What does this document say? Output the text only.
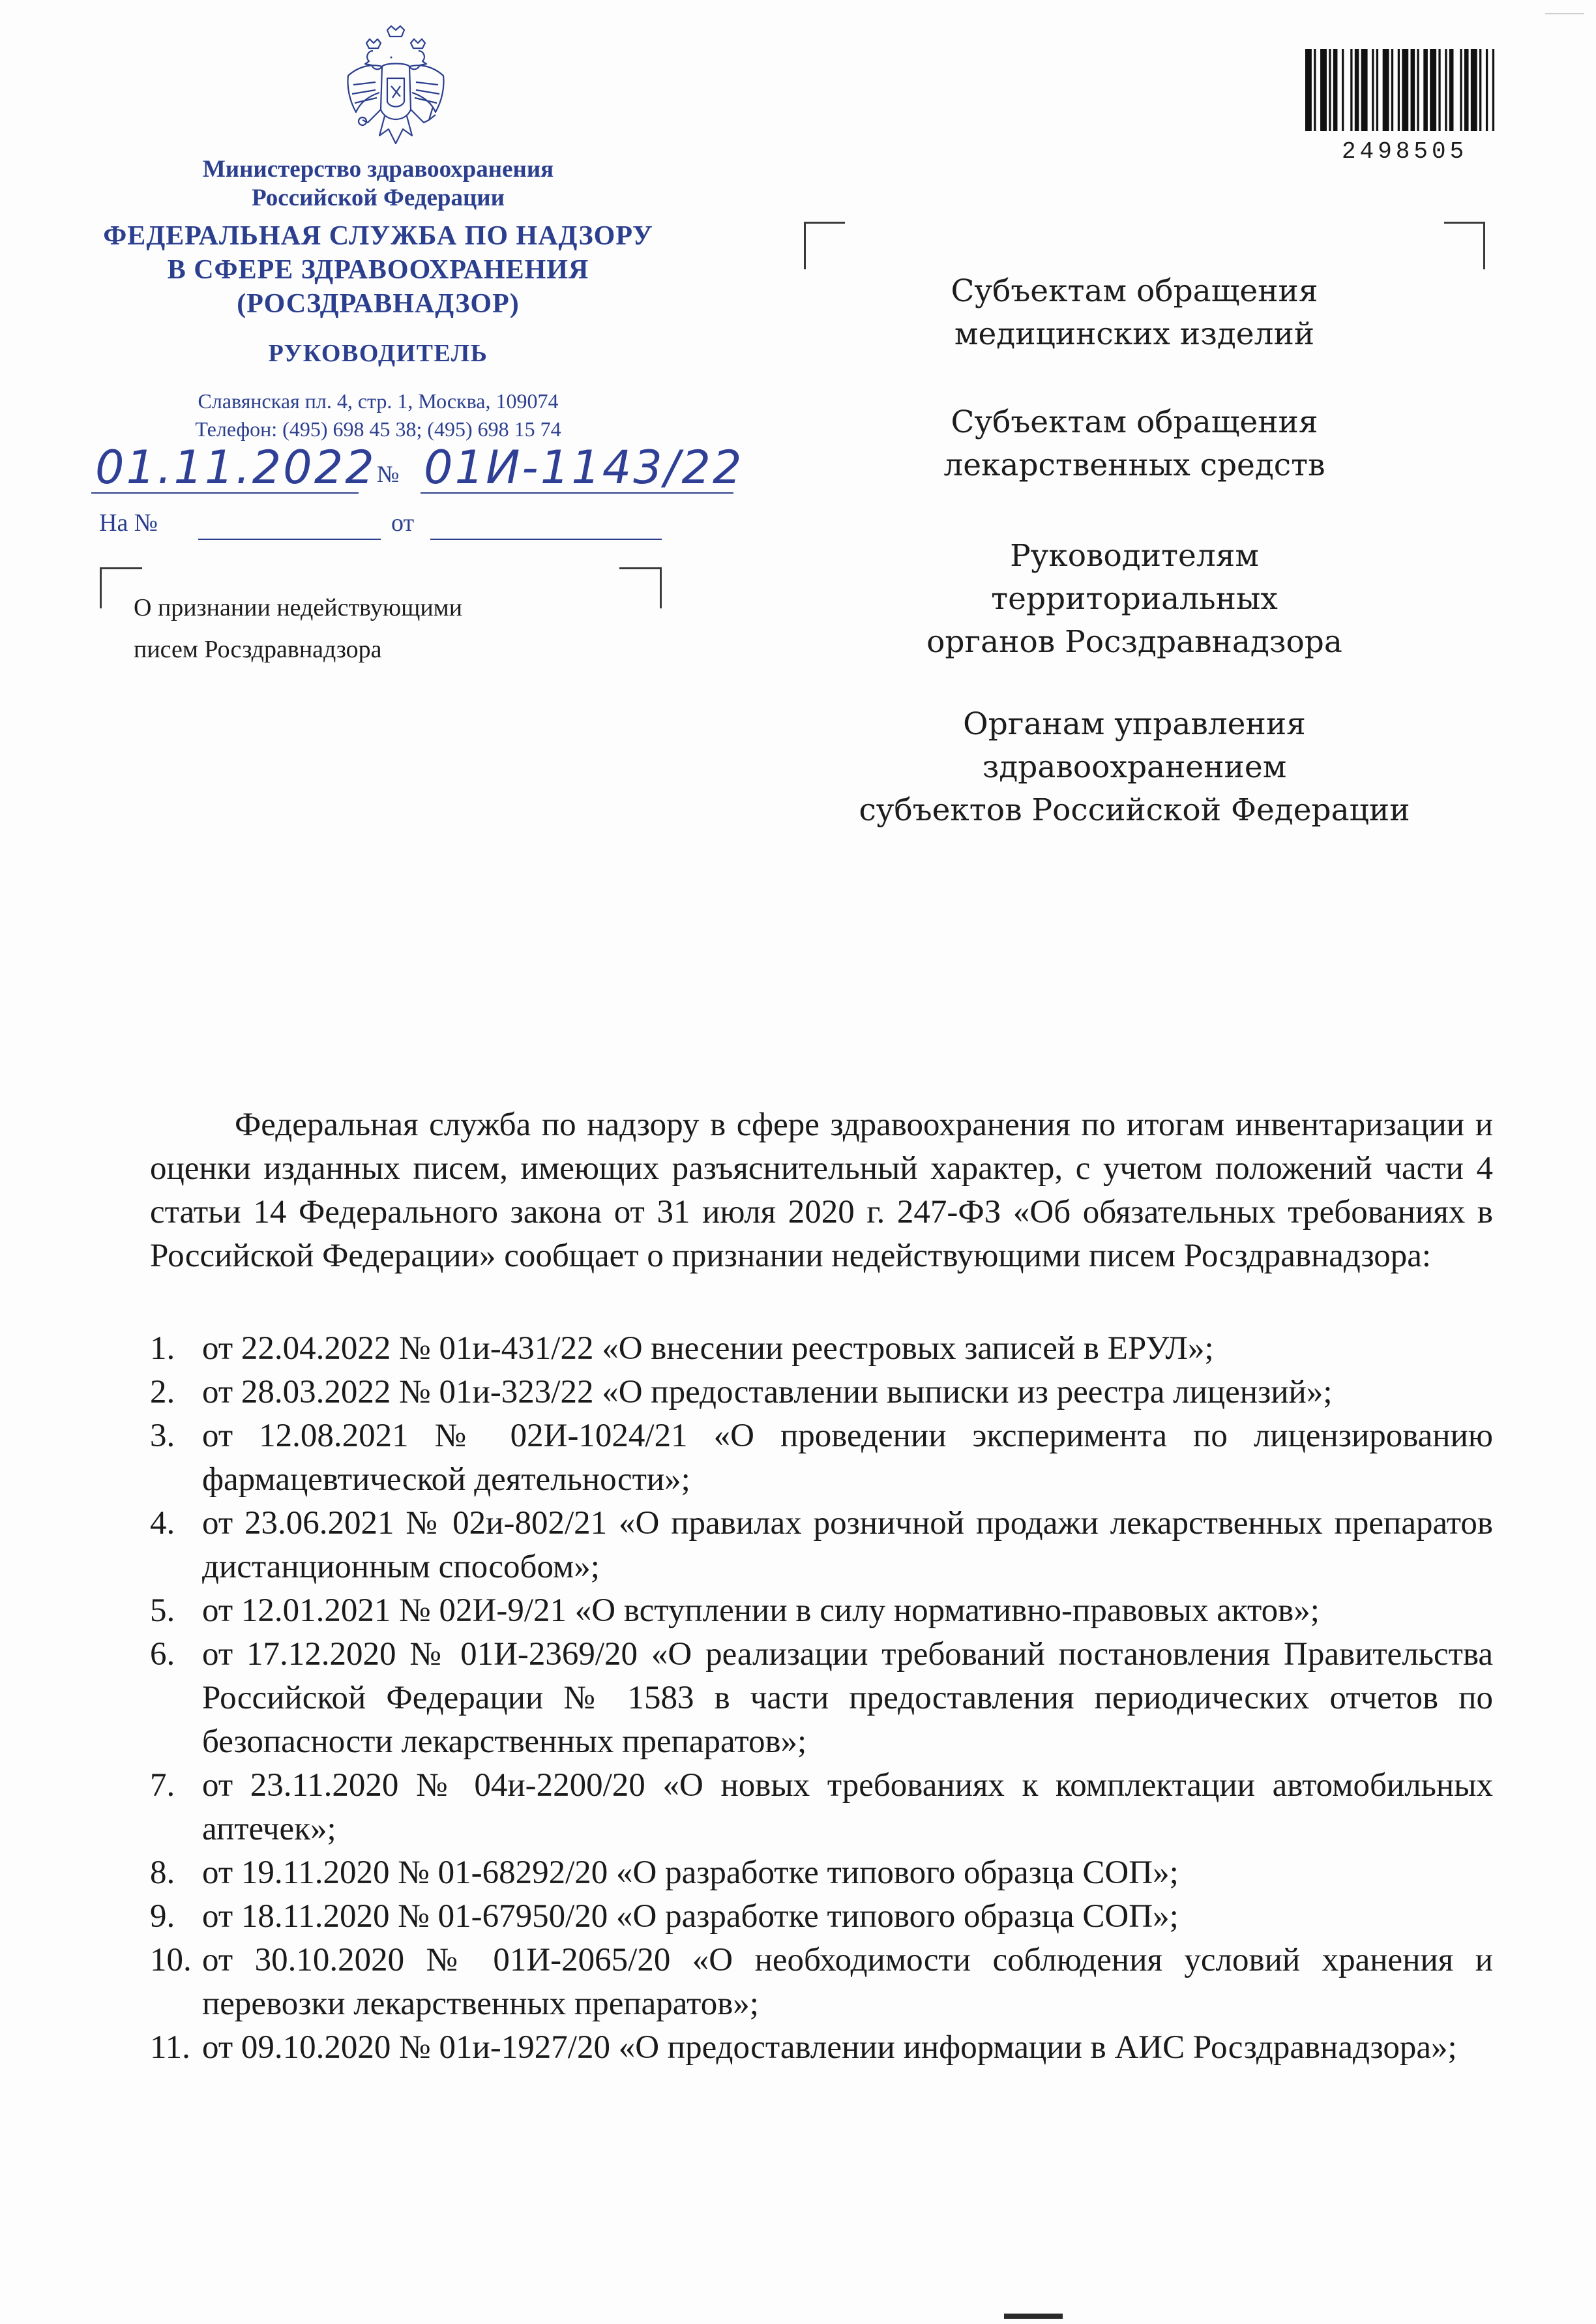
Министерство здравоохранения
Российской Федерации
ФЕДЕРАЛЬНАЯ СЛУЖБА ПО НАДЗОРУ
В СФЕРЕ ЗДРАВООХРАНЕНИЯ
(РОСЗДРАВНАДЗОР)
РУКОВОДИТЕЛЬ
Славянская пл. 4, стр. 1, Москва, 109074
Телефон: (495) 698 45 38; (495) 698 15 74
01.11.2022 № 01И-1143/22
На №	от
О признании недействующими
писем Росздравнадзора
2498505
Субъектам обращения
медицинских изделий
Субъектам обращения
лекарственных средств
Руководителям
территориальных
органов Росздравнадзора
Органам управления
здравоохранением
субъектов Российской Федерации
Федеральная служба по надзору в сфере здравоохранения по итогам инвентаризации и оценки изданных писем, имеющих разъяснительный характер, с учетом положений части 4 статьи 14 Федерального закона от 31 июля 2020 г. 247-ФЗ «Об обязательных требованиях в Российской Федерации» сообщает о признании недействующими писем Росздравнадзора:
1. от 22.04.2022 № 01и-431/22 «О внесении реестровых записей в ЕРУЛ»;
2. от 28.03.2022 № 01и-323/22 «О предоставлении выписки из реестра лицензий»;
3. от 12.08.2021 № 02И-1024/21 «О проведении эксперимента по лицензированию фармацевтической деятельности»;
4. от 23.06.2021 № 02и-802/21 «О правилах розничной продажи лекарственных препаратов дистанционным способом»;
5. от 12.01.2021 № 02И-9/21 «О вступлении в силу нормативно-правовых актов»;
6. от 17.12.2020 № 01И-2369/20 «О реализации требований постановления Правительства Российской Федерации № 1583 в части предоставления периодических отчетов по безопасности лекарственных препаратов»;
7. от 23.11.2020 № 04и-2200/20 «О новых требованиях к комплектации автомобильных аптечек»;
8. от 19.11.2020 № 01-68292/20 «О разработке типового образца СОП»;
9. от 18.11.2020 № 01-67950/20 «О разработке типового образца СОП»;
10. от 30.10.2020 № 01И-2065/20 «О необходимости соблюдения условий хранения и перевозки лекарственных препаратов»;
11. от 09.10.2020 № 01и-1927/20 «О предоставлении информации в АИС Росздравнадзора»;
